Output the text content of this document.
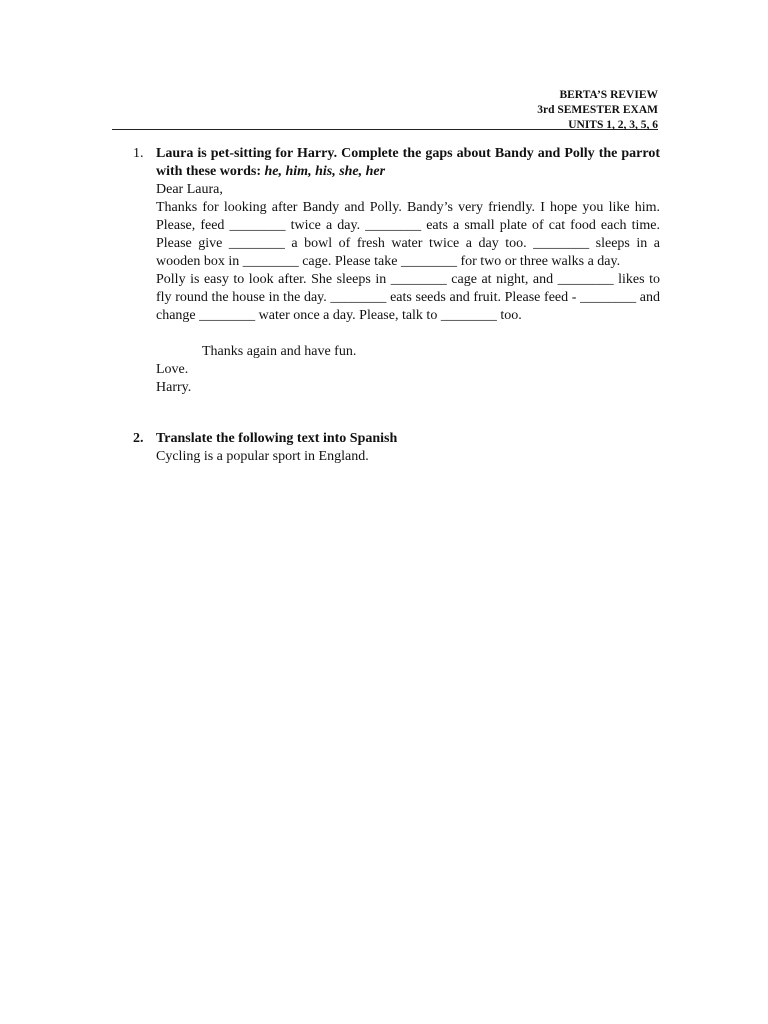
BERTA’S REVIEW
3rd SEMESTER EXAM
UNITS 1, 2, 3, 5, 6
1. Laura is pet-sitting for Harry. Complete the gaps about Bandy and Polly the parrot with these words: he, him, his, she, her
Dear Laura,
Thanks for looking after Bandy and Polly. Bandy’s very friendly. I hope you like him. Please, feed ________ twice a day. ________ eats a small plate of cat food each time. Please give ________ a bowl of fresh water twice a day too. ________ sleeps in a wooden box in ________ cage. Please take ________ for two or three walks a day.
Polly is easy to look after. She sleeps in ________ cage at night, and ________ likes to fly round the house in the day. ________ eats seeds and fruit. Please feed - ________ and change ________ water once a day. Please, talk to ________ too.
Thanks again and have fun.
Love.
Harry.
2. Translate the following text into Spanish
Cycling is a popular sport in England.
